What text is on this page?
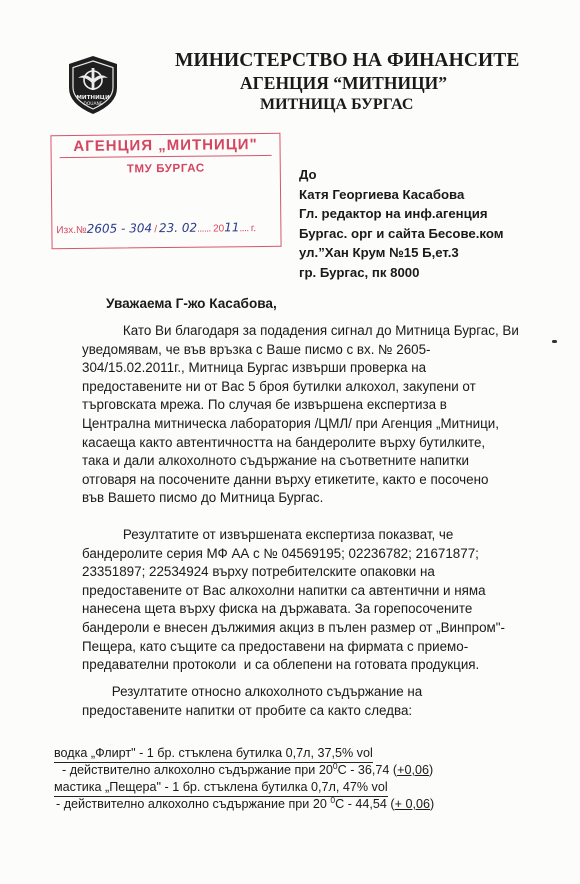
МИТНИЦИ
DOUANE
МИНИСТЕРСТВО НА ФИНАНСИТЕ
АГЕНЦИЯ “МИТНИЦИ”
МИТНИЦА БУРГАС
АГЕНЦИЯ „МИТНИЦИ"
ТМУ БУРГАС
Изх.№2605 - 304 / 23. 02...... 2011.... г.
До
Катя Георгиева Касабова
Гл. редактор на инф.агенция
Бургас. орг и сайта Бесове.ком
ул.”Хан Крум №15 Б,ет.3
гр. Бургас, пк 8000
Уважаема Г-жо Касабова,
Като Ви благодаря за подадения сигнал до Митница Бургас, Ви
уведомявам, че във връзка с Ваше писмо с вх. № 2605-
304/15.02.2011г., Митница Бургас извърши проверка на
предоставените ни от Вас 5 броя бутилки алкохол, закупени от
търговската мрежа. По случая бе извършена експертиза в
Централна митническа лаборатория /ЦМЛ/ при Агенция „Митници,
касаеща както автентичността на бандеролите върху бутилките,
така и дали алкохолното съдържание на съответните напитки
отговаря на посочените данни върху етикетите, както е посочено
във Вашето писмо до Митница Бургас.
Резултатите от извършената експертиза показват, че
бандеролите серия МФ АА с № 04569195; 02236782; 21671877;
23351897; 22534924 върху потребителските опаковки на
предоставените от Вас алкохолни напитки са автентични и няма
нанесена щета върху фиска на държавата. За горепосочените
бандероли е внесен дължимия акциз в пълен размер от „Винпром"-
Пещера, като същите са предоставени на фирмата с приемо-
предавателни протоколи  и са облепени на готовата продукция.
Резултатите относно алкохолното съдържание на
предоставените напитки от пробите са както следва:
водка „Флирт" - 1 бр. стъклена бутилка 0,7л, 37,5% vol
- действително алкохолно съдържание при $20^0C - 36,74$ (+0,06)
мастика „Пещера" - 1 бр. стъклена бутилка 0,7л, 47% vol
- действително алкохолно съдържание при 20 $^0$C - 44,54 (+ 0,06)
